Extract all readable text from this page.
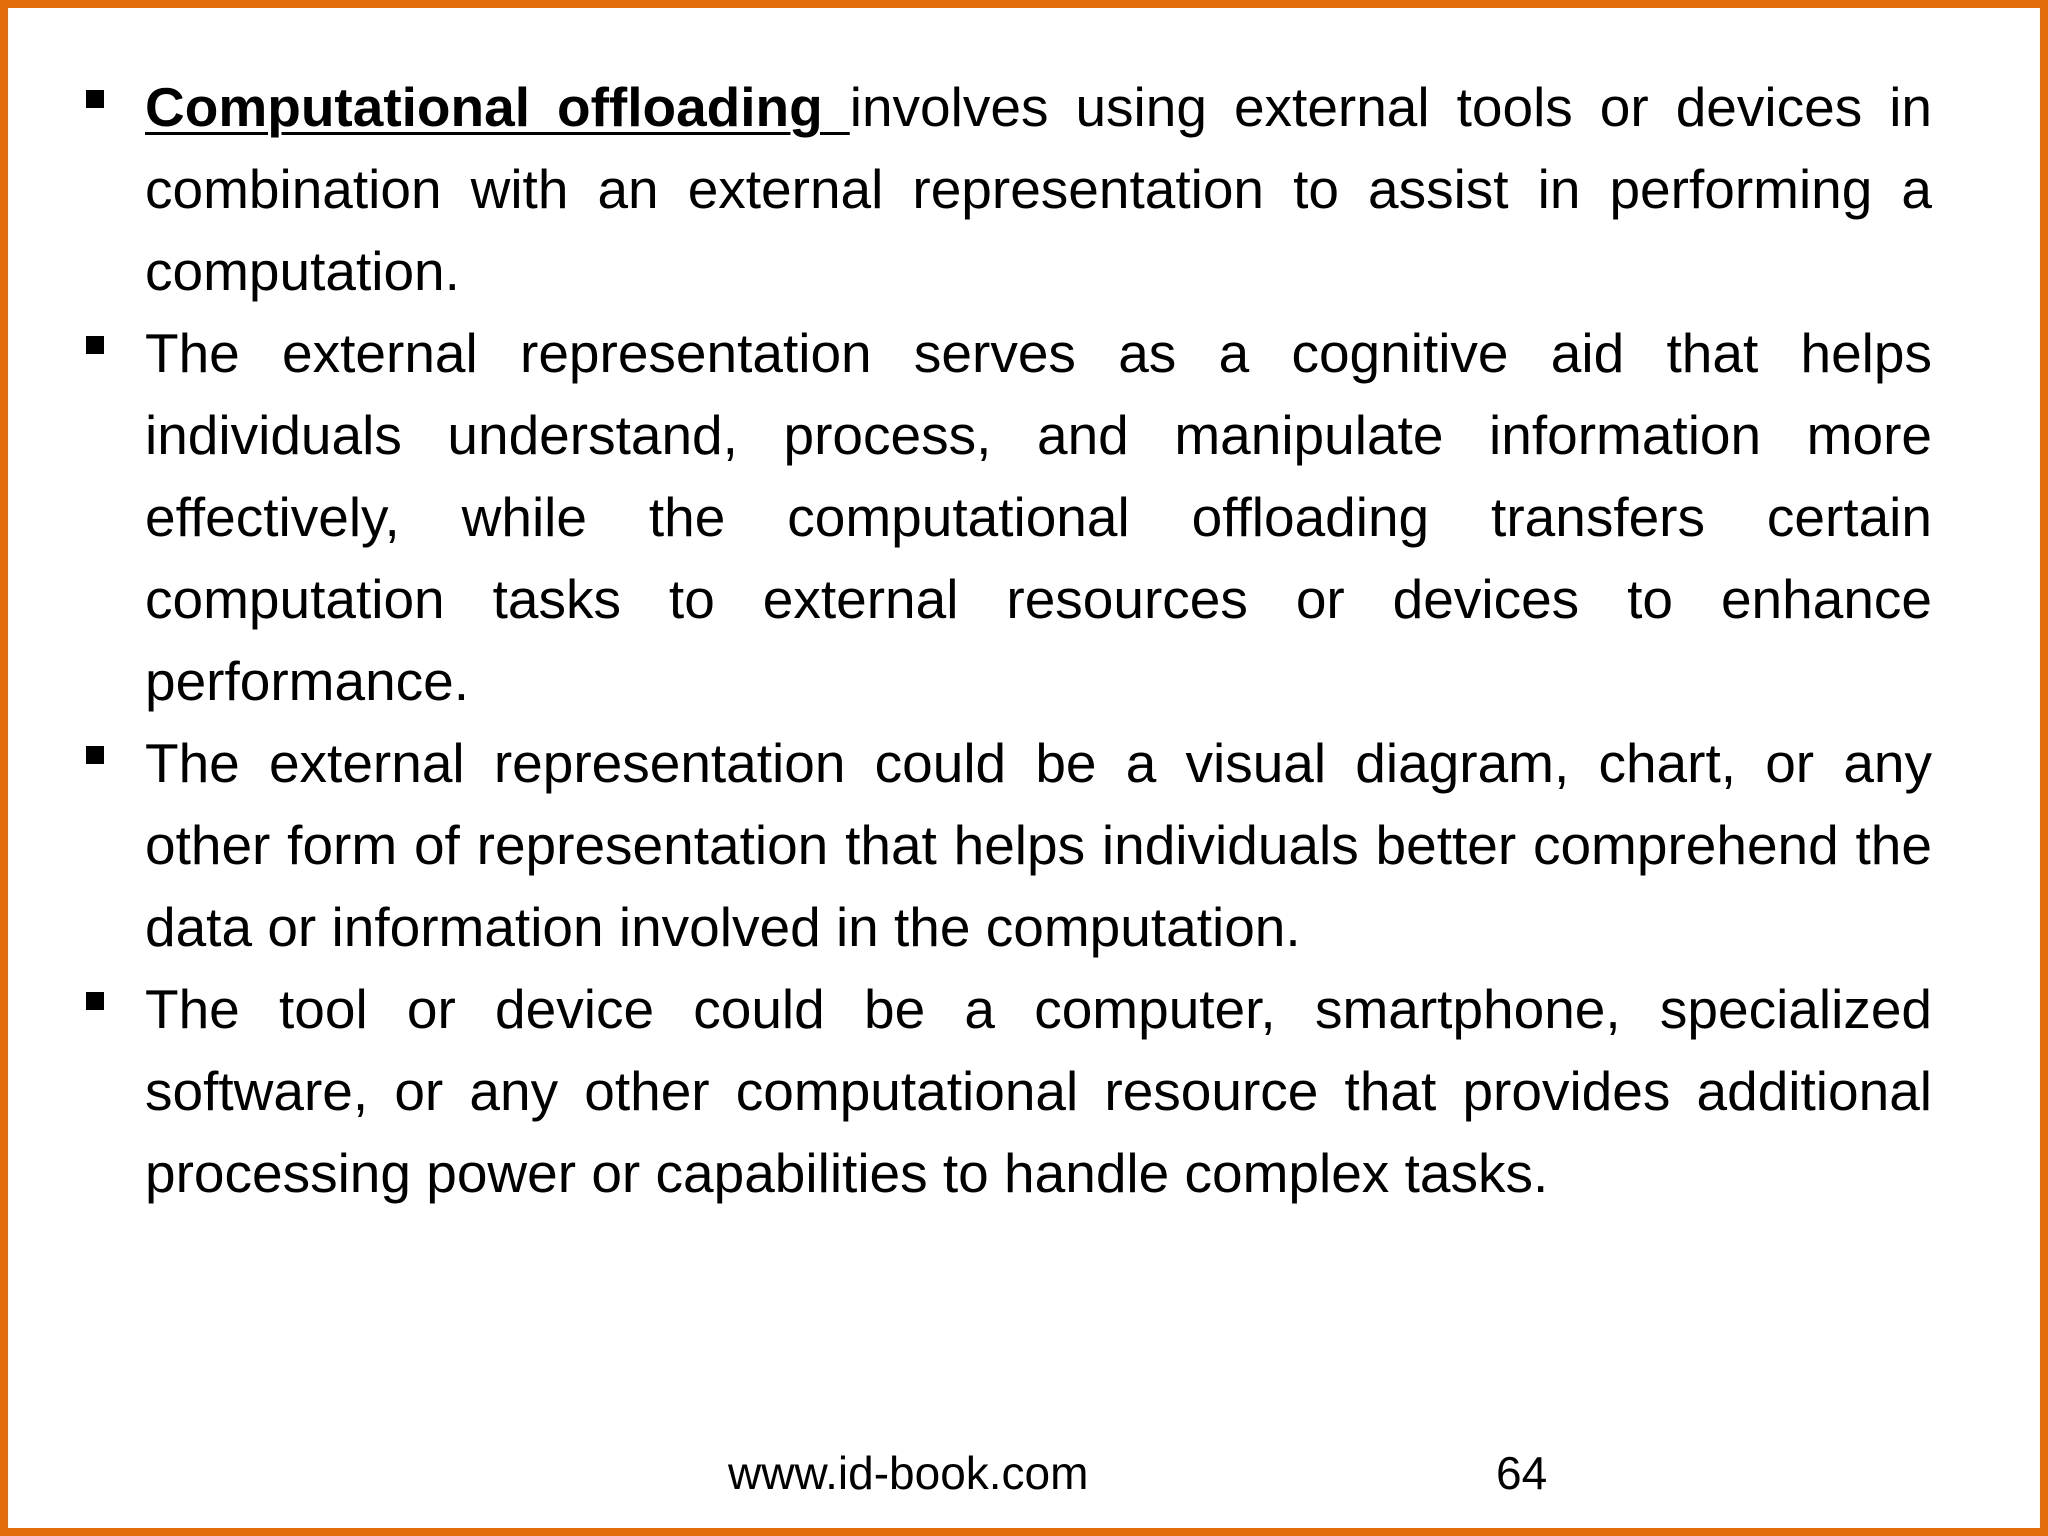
Computational offloading involves using external tools or devices in combination with an external representation to assist in performing a computation.
The external representation serves as a cognitive aid that helps individuals understand, process, and manipulate information more effectively, while the computational offloading transfers certain computation tasks to external resources or devices to enhance performance.
The external representation could be a visual diagram, chart, or any other form of representation that helps individuals better comprehend the data or information involved in the computation.
The tool or device could be a computer, smartphone, specialized software, or any other computational resource that provides additional processing power or capabilities to handle complex tasks.
www.id-book.com	64
